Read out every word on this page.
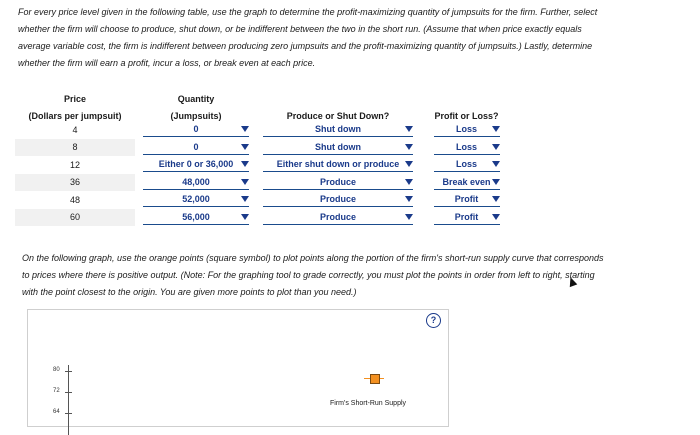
For every price level given in the following table, use the graph to determine the profit-maximizing quantity of jumpsuits for the firm. Further, select

whether the firm will choose to produce, shut down, or be indifferent between the two in the short run. (Assume that when price exactly equals

average variable cost, the firm is indifferent between producing zero jumpsuits and the profit-maximizing quantity of jumpsuits.) Lastly, determine

whether the firm will earn a profit, incur a loss, or break even at each price.

Price	Quantity		
(Dollars per jumpsuit)	(Jumpsuits)	Produce or Shut Down?	Profit or Loss?
4	0	Shut down	Loss

8	0	Shut down	Loss

12	Either 0 or 36,000	Either shut down or produce	Loss

36	48,000	Produce	Break even

48	52,000	Produce	Profit

60	56,000	Produce	Profit

On the following graph, use the orange points (square symbol) to plot points along the portion of the firm's short-run supply curve that corresponds

to prices where there is positive output. (Note: For the graphing tool to grade correctly, you must plot the points in order from left to right, starting

with the point closest to the origin. You are given more points to plot than you need.)

?
80
72
64
Firm's Short-Run Supply
